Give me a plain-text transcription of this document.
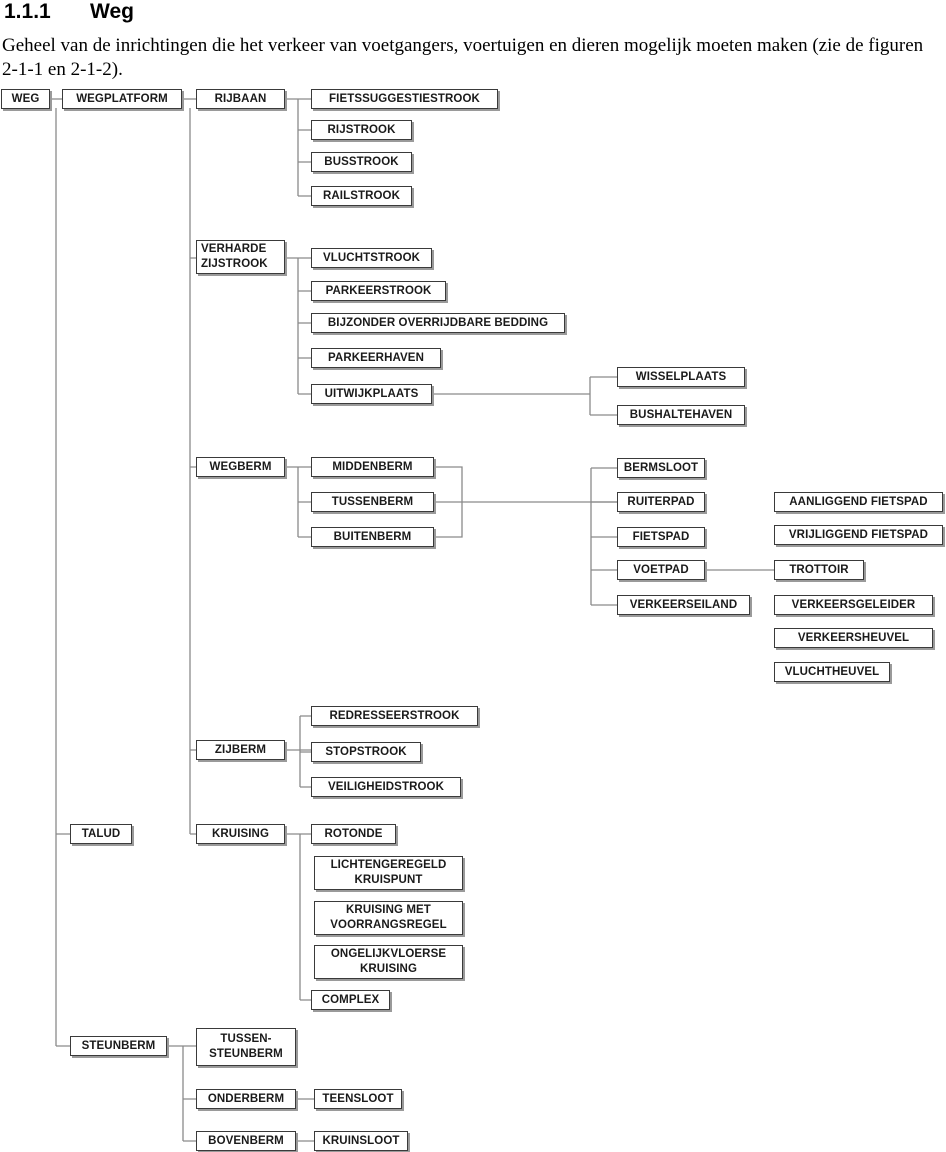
1.1.1 Weg
Geheel van de inrichtingen die het verkeer van voetgangers, voertuigen en dieren mogelijk moeten maken (zie de figuren 2-1-1 en 2-1-2).
WEG	WEGPLATFORM
TALUD
STEUNBERM
RIJBAAN
VERHARDE
ZIJSTROOK
WEGBERM
ZIJBERM
KRUISING
FIETSSUGGESTIESTROOK
RIJSTROOK
BUSSTROOK
RAILSTROOK
VLUCHTSTROOK
PARKEERSTROOK
BIJZONDER OVERRIJDBARE BEDDING
PARKEERHAVEN
UITWIJKPLAATS
WISSELPLAATS
BUSHALTEHAVEN
MIDDENBERM
TUSSENBERM
BUITENBERM
BERMSLOOT
RUITERPAD
FIETSPAD
VOETPAD
VERKEERSEILAND
AANLIGGEND FIETSPAD
VRIJLIGGEND FIETSPAD
TROTTOIR
VERKEERSGELEIDER
VERKEERSHEUVEL
VLUCHTHEUVEL
REDRESSEERSTROOK
STOPSTROOK
VEILIGHEIDSTROOK
ROTONDE
LICHTENGEREGELD
KRUISPUNT
KRUISING MET
VOORRANGSREGEL
ONGELIJKVLOERSE
KRUISING
COMPLEX
TUSSEN-
STEUNBERM
ONDERBERM
BOVENBERM
TEENSLOOT
KRUINSLOOT
